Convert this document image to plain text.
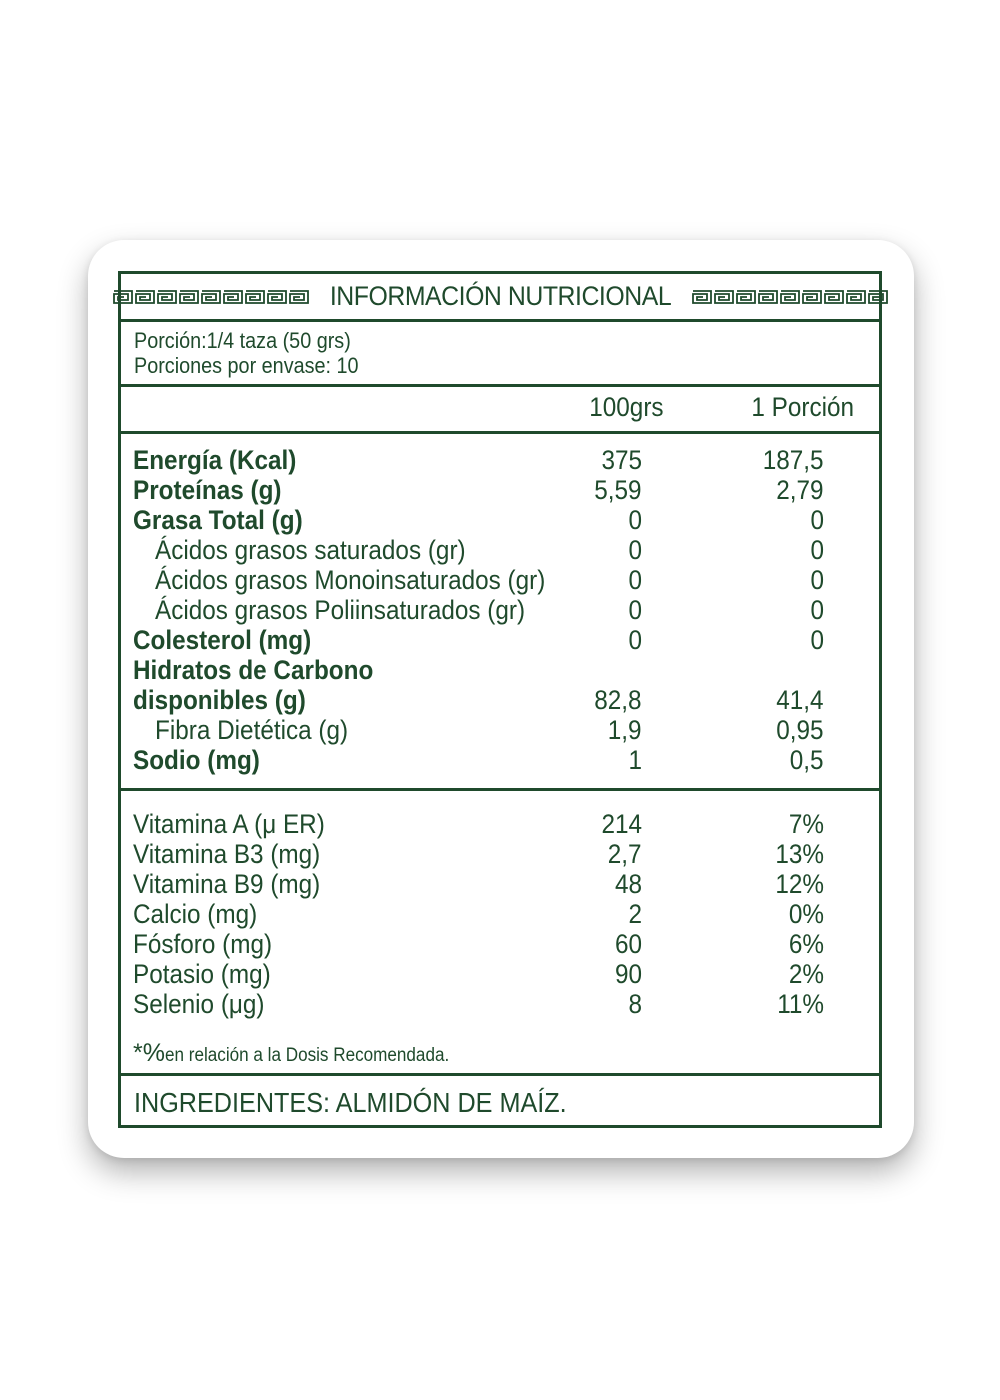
INFORMACIÓN NUTRICIONAL
Porción:1/4 taza (50 grs)
Porciones por envase: 10
100grs	1 Porción
Energía (Kcal)	375	187,5
Proteínas (g)	5,59	2,79
Grasa Total (g)	0	0
Ácidos grasos saturados (gr)	0	0
Ácidos grasos Monoinsaturados (gr)	0	0
Ácidos grasos Poliinsaturados (gr)	0	0
Colesterol (mg)	0	0
Hidratos de Carbono
disponibles (g)	82,8	41,4
Fibra Dietética (g)	1,9	0,95
Sodio (mg)	1	0,5
Vitamina A (μ ER)	214	7%
Vitamina B3 (mg)	2,7	13%
Vitamina B9 (mg)	48	12%
Calcio (mg)	2	0%
Fósforo (mg)	60	6%
Potasio (mg)	90	2%
Selenio (μg)	8	11%
*%en relación a la Dosis Recomendada.
INGREDIENTES: ALMIDÓN DE MAÍZ.
